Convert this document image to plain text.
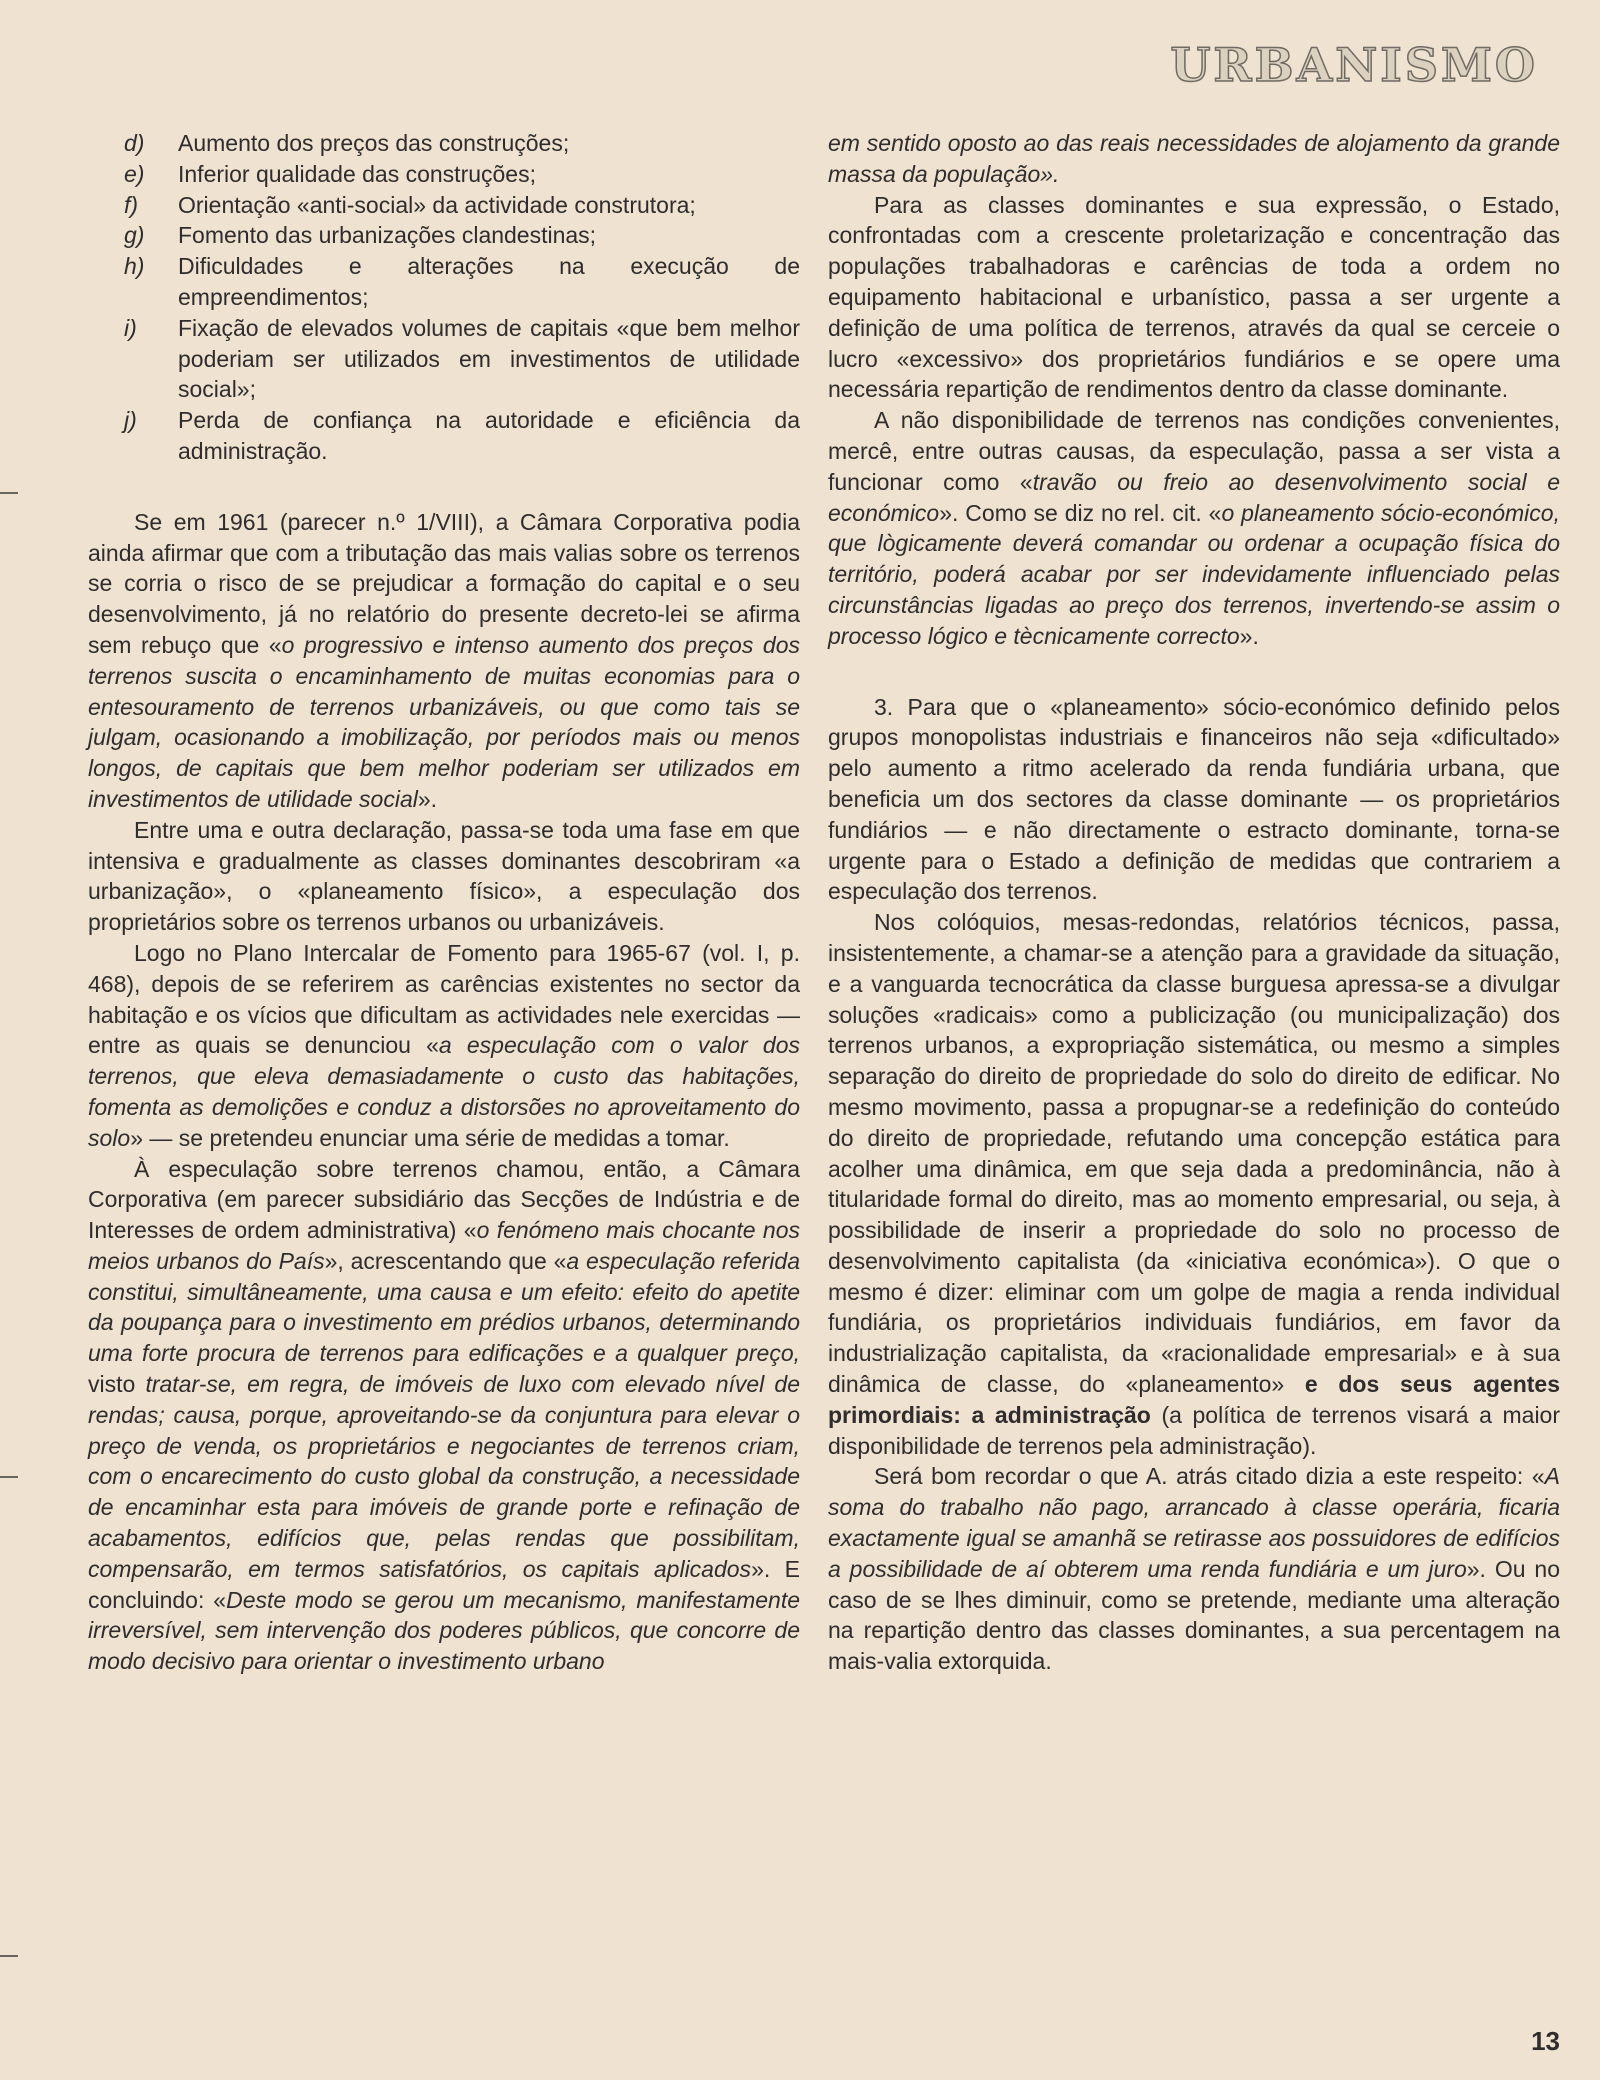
URBANISMO
d) Aumento dos preços das construções;
e) Inferior qualidade das construções;
f) Orientação «anti-social» da actividade construtora;
g) Fomento das urbanizações clandestinas;
h) Dificuldades e alterações na execução de empreendimentos;
i) Fixação de elevados volumes de capitais «que bem melhor poderiam ser utilizados em investimentos de utilidade social»;
j) Perda de confiança na autoridade e eficiência da administração.

Se em 1961 (parecer n.º 1/VIII), a Câmara Corporativa podia ainda afirmar que com a tributação das mais valias sobre os terrenos se corria o risco de se prejudicar a formação do capital e o seu desenvolvimento, já no relatório do presente decreto-lei se afirma sem rebuço que «o progressivo e intenso aumento dos preços dos terrenos suscita o encaminhamento de muitas economias para o entesouramento de terrenos urbanizáveis, ou que como tais se julgam, ocasionando a imobilização, por períodos mais ou menos longos, de capitais que bem melhor poderiam ser utilizados em investimentos de utilidade social».

Entre uma e outra declaração, passa-se toda uma fase em que intensiva e gradualmente as classes dominantes descobriram «a urbanização», o «planeamento físico», a especulação dos proprietários sobre os terrenos urbanos ou urbanizáveis.

Logo no Plano Intercalar de Fomento para 1965-67 (vol. I, p. 468), depois de se referirem as carências existentes no sector da habitação e os vícios que dificultam as actividades nele exercidas — entre as quais se denunciou «a especulação com o valor dos terrenos, que eleva demasiadamente o custo das habitações, fomenta as demolições e conduz a distorsões no aproveitamento do solo» — se pretendeu enunciar uma série de medidas a tomar.

À especulação sobre terrenos chamou, então, a Câmara Corporativa (em parecer subsidiário das Secções de Indústria e de Interesses de ordem administrativa) «o fenómeno mais chocante nos meios urbanos do País», acrescentando que «a especulação referida constitui, simultâneamente, uma causa e um efeito: efeito do apetite da poupança para o investimento em prédios urbanos, determinando uma forte procura de terrenos para edificações e a qualquer preço, visto tratar-se, em regra, de imóveis de luxo com elevado nível de rendas; causa, porque, aproveitando-se da conjuntura para elevar o preço de venda, os proprietários e negociantes de terrenos criam, com o encarecimento do custo global da construção, a necessidade de encaminhar esta para imóveis de grande porte e refinação de acabamentos, edifícios que, pelas rendas que possibilitam, compensarão, em termos satisfatórios, os capitais aplicados». E concluindo: «Deste modo se gerou um mecanismo, manifestamente irreversível, sem intervenção dos poderes públicos, que concorre de modo decisivo para orientar o investimento urbano

em sentido oposto ao das reais necessidades de alojamento da grande massa da população».

Para as classes dominantes e sua expressão, o Estado, confrontadas com a crescente proletarização e concentração das populações trabalhadoras e carências de toda a ordem no equipamento habitacional e urbanístico, passa a ser urgente a definição de uma política de terrenos, através da qual se cerceie o lucro «excessivo» dos proprietários fundiários e se opere uma necessária repartição de rendimentos dentro da classe dominante.

A não disponibilidade de terrenos nas condições convenientes, mercê, entre outras causas, da especulação, passa a ser vista a funcionar como «travão ou freio ao desenvolvimento social e económico». Como se diz no rel. cit. «o planeamento sócio-económico, que lògicamente deverá comandar ou ordenar a ocupação física do território, poderá acabar por ser indevidamente influenciado pelas circunstâncias ligadas ao preço dos terrenos, invertendo-se assim o processo lógico e tècnicamente correcto».

3. Para que o «planeamento» sócio-económico definido pelos grupos monopolistas industriais e financeiros não seja «dificultado» pelo aumento a ritmo acelerado da renda fundiária urbana, que beneficia um dos sectores da classe dominante — os proprietários fundiários — e não directamente o estracto dominante, torna-se urgente para o Estado a definição de medidas que contrariem a especulação dos terrenos.

Nos colóquios, mesas-redondas, relatórios técnicos, passa, insistentemente, a chamar-se a atenção para a gravidade da situação, e a vanguarda tecnocrática da classe burguesa apressa-se a divulgar soluções «radicais» como a publicização (ou municipalização) dos terrenos urbanos, a expropriação sistemática, ou mesmo a simples separação do direito de propriedade do solo do direito de edificar. No mesmo movimento, passa a propugnar-se a redefinição do conteúdo do direito de propriedade, refutando uma concepção estática para acolher uma dinâmica, em que seja dada a predominância, não à titularidade formal do direito, mas ao momento empresarial, ou seja, à possibilidade de inserir a propriedade do solo no processo de desenvolvimento capitalista (da «iniciativa económica»). O que o mesmo é dizer: eliminar com um golpe de magia a renda individual fundiária, os proprietários individuais fundiários, em favor da industrialização capitalista, da «racionalidade empresarial» e à sua dinâmica de classe, do «planeamento» e dos seus agentes primordiais: a administração (a política de terrenos visará a maior disponibilidade de terrenos pela administração).

Será bom recordar o que A. atrás citado dizia a este respeito: «A soma do trabalho não pago, arrancado à classe operária, ficaria exactamente igual se amanhã se retirasse aos possuidores de edifícios a possibilidade de aí obterem uma renda fundiária e um juro». Ou no caso de se lhes diminuir, como se pretende, mediante uma alteração na repartição dentro das classes dominantes, a sua percentagem na mais-valia extorquida.

13
